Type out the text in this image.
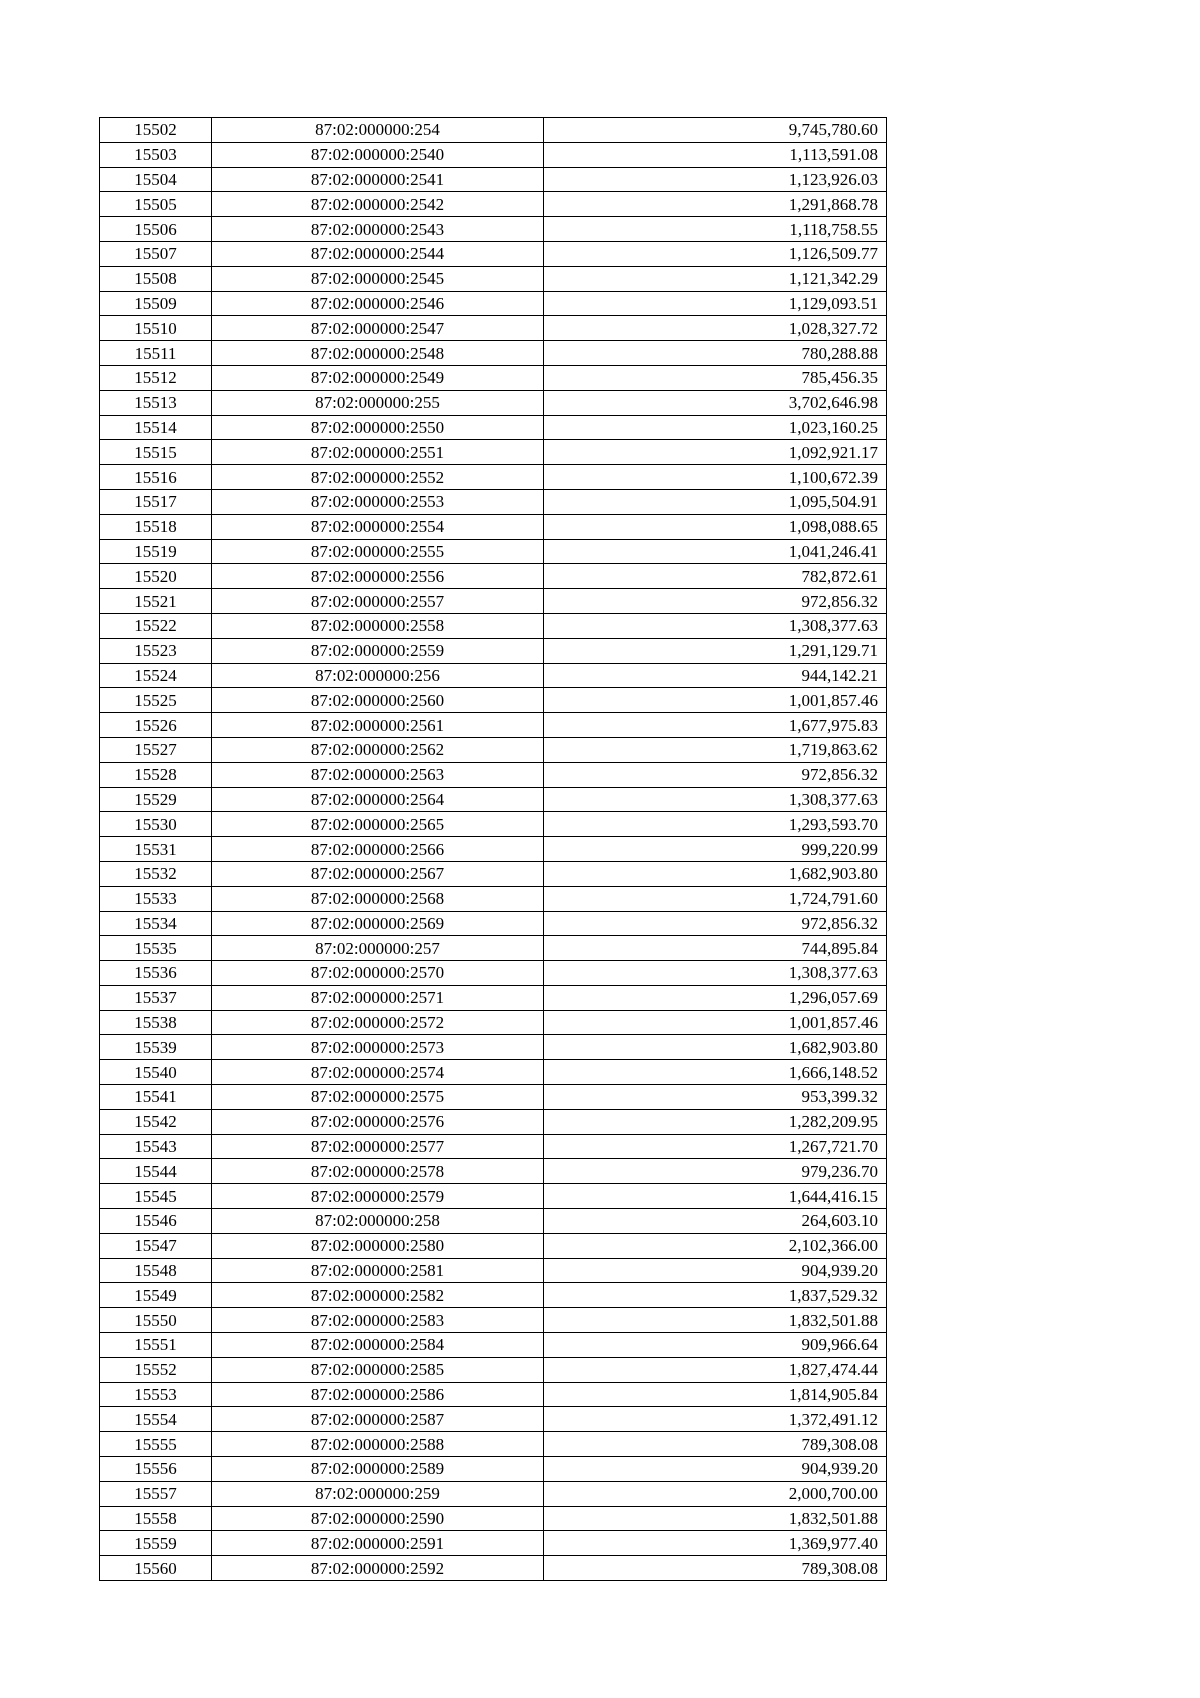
15502	87:02:000000:254	9,745,780.60
15503	87:02:000000:2540	1,113,591.08
15504	87:02:000000:2541	1,123,926.03
15505	87:02:000000:2542	1,291,868.78
15506	87:02:000000:2543	1,118,758.55
15507	87:02:000000:2544	1,126,509.77
15508	87:02:000000:2545	1,121,342.29
15509	87:02:000000:2546	1,129,093.51
15510	87:02:000000:2547	1,028,327.72
15511	87:02:000000:2548	780,288.88
15512	87:02:000000:2549	785,456.35
15513	87:02:000000:255	3,702,646.98
15514	87:02:000000:2550	1,023,160.25
15515	87:02:000000:2551	1,092,921.17
15516	87:02:000000:2552	1,100,672.39
15517	87:02:000000:2553	1,095,504.91
15518	87:02:000000:2554	1,098,088.65
15519	87:02:000000:2555	1,041,246.41
15520	87:02:000000:2556	782,872.61
15521	87:02:000000:2557	972,856.32
15522	87:02:000000:2558	1,308,377.63
15523	87:02:000000:2559	1,291,129.71
15524	87:02:000000:256	944,142.21
15525	87:02:000000:2560	1,001,857.46
15526	87:02:000000:2561	1,677,975.83
15527	87:02:000000:2562	1,719,863.62
15528	87:02:000000:2563	972,856.32
15529	87:02:000000:2564	1,308,377.63
15530	87:02:000000:2565	1,293,593.70
15531	87:02:000000:2566	999,220.99
15532	87:02:000000:2567	1,682,903.80
15533	87:02:000000:2568	1,724,791.60
15534	87:02:000000:2569	972,856.32
15535	87:02:000000:257	744,895.84
15536	87:02:000000:2570	1,308,377.63
15537	87:02:000000:2571	1,296,057.69
15538	87:02:000000:2572	1,001,857.46
15539	87:02:000000:2573	1,682,903.80
15540	87:02:000000:2574	1,666,148.52
15541	87:02:000000:2575	953,399.32
15542	87:02:000000:2576	1,282,209.95
15543	87:02:000000:2577	1,267,721.70
15544	87:02:000000:2578	979,236.70
15545	87:02:000000:2579	1,644,416.15
15546	87:02:000000:258	264,603.10
15547	87:02:000000:2580	2,102,366.00
15548	87:02:000000:2581	904,939.20
15549	87:02:000000:2582	1,837,529.32
15550	87:02:000000:2583	1,832,501.88
15551	87:02:000000:2584	909,966.64
15552	87:02:000000:2585	1,827,474.44
15553	87:02:000000:2586	1,814,905.84
15554	87:02:000000:2587	1,372,491.12
15555	87:02:000000:2588	789,308.08
15556	87:02:000000:2589	904,939.20
15557	87:02:000000:259	2,000,700.00
15558	87:02:000000:2590	1,832,501.88
15559	87:02:000000:2591	1,369,977.40
15560	87:02:000000:2592	789,308.08
